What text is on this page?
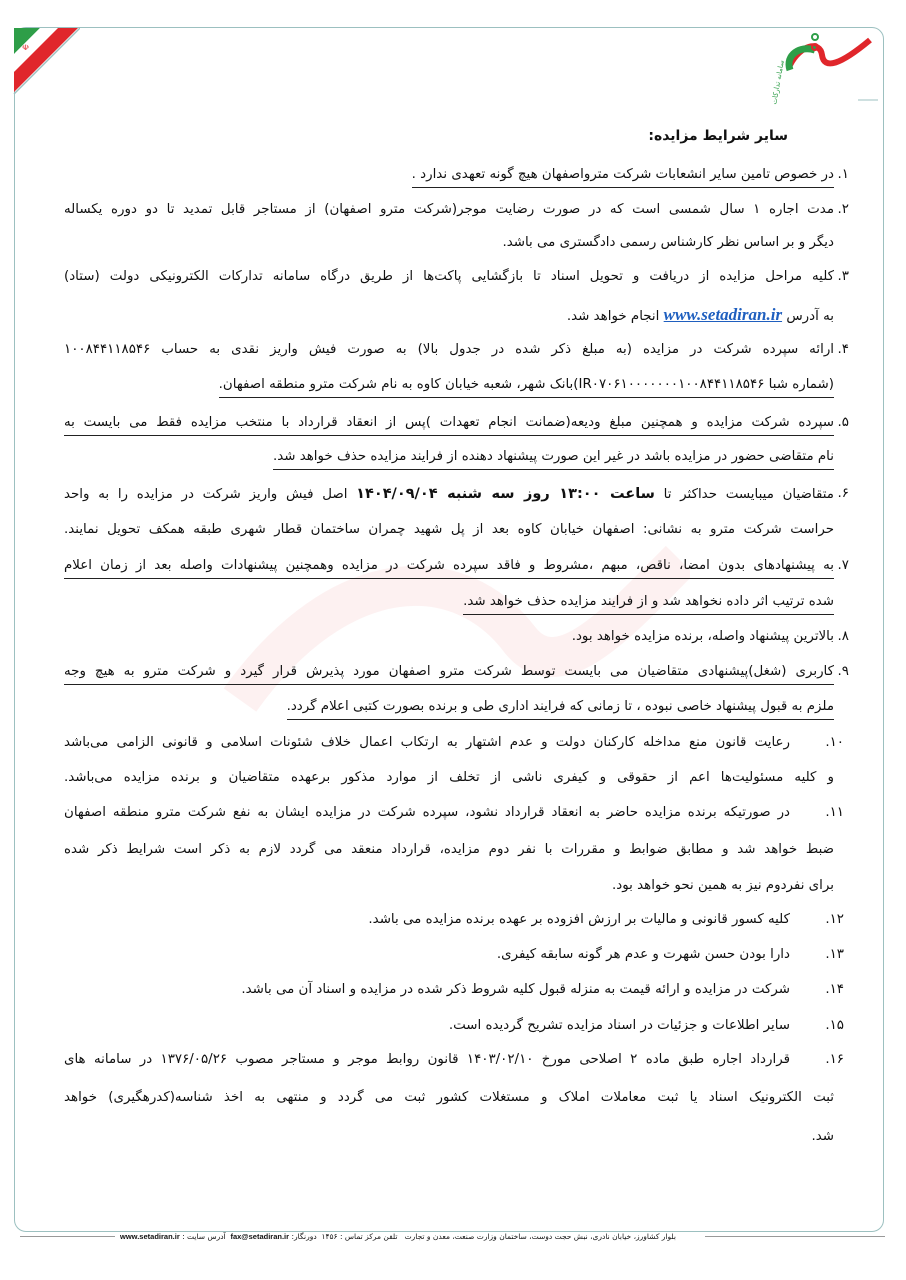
☫
سامانه تدارکات
سایر شرایط مزایده:
۱.
در خصوص تامین سایر انشعابات شرکت متروا‌صفهان هیچ گونه تعهدی ندارد .
۲.
مدت اجاره ۱ سال شمسی است که در صورت رضایت موجر(شرکت مترو اصفهان) از مستاجر قابل تمدید تا دو دوره یکساله
دیگر و بر اساس نظر کارشناس رسمی دادگستری می باشد.
۳.
کلیه مراحل مزایده از دریافت و تحویل اسناد تا بازگشایی پاکت‌ها از طریق درگاه سامانه تدارکات الکترونیکی دولت (ستاد)
به آدرس www.setadiran.ir انجام خواهد شد.
۴.
ارائه سپرده شرکت در مزایده (به مبلغ ذکر شده در جدول بالا) به صورت فیش واریز نقدی به حساب ۱۰۰۸۴۴۱۱۸۵۴۶
(شماره شبا IR۰۷۰۶۱۰۰۰۰۰۰۰۱۰۰۸۴۴۱۱۸۵۴۶)بانک شهر، شعبه خیابان کاوه به نام شرکت مترو منطقه اصفهان.
۵.
سپرده شرکت مزایده و همچنین مبلغ ودیعه(ضمانت انجام تعهدات )پس از انعقاد قرارداد با منتخب مزایده فقط می بایست به
نام متقاضی حضور در مزایده باشد در غیر این صورت پیشنهاد دهنده از فرایند مزایده حذف خواهد شد.
۶.
متقاضیان میبایست حداکثر تا ساعت ۱۳:۰۰ روز سه شنبه ۱۴۰۴/۰۹/۰۴ اصل فیش واریز شرکت در مزایده را به واحد
حراست شرکت مترو به نشانی: اصفهان خیابان کاوه بعد از پل شهید چمران ساختمان قطار شهری طبقه همکف تحویل نمایند.
۷.
به پیشنهادهای بدون امضا، ناقص، مبهم ،مشروط و فاقد سپرده شرکت در مزایده وهمچنین پیشنهادات واصله بعد از زمان اعلام
شده ترتیب اثر داده نخواهد شد و از فرایند مزایده حذف خواهد شد.
۸.
بالاترین پیشنهاد واصله، برنده مزایده خواهد بود.
۹.
کاربری (شغل)پیشنهادی متقاضیان می بایست توسط شرکت مترو اصفهان مورد پذیرش قرار گیرد و شرکت مترو به هیچ وجه
ملزم به قبول پیشنهاد خاصی نبوده ، تا زمانی که فرایند اداری طی و برنده بصورت کتبی اعلام گردد.
۱۰.
رعایت قانون منع مداخله کارکنان دولت و عدم اشتهار به ارتکاب اعمال خلاف شئونات اسلامی و قانونی الزامی می‌باشد
و کلیه مسئولیت‌ها اعم از حقوقی و کیفری ناشی از تخلف از موارد مذکور برعهده متقاضیان و برنده مزایده می‌باشد.
۱۱.
در صورتیکه برنده مزایده حاضر به انعقاد قرارداد نشود، سپرده شرکت در مزایده ایشان به نفع شرکت مترو منطقه اصفهان
ضبط خواهد شد و مطابق ضوابط و مقررات با نفر دوم مزایده، قرارداد منعقد می گردد لازم به ذکر است شرایط ذکر شده
برای نفردوم نیز به همین نحو خواهد بود.
۱۲.
کلیه کسور قانونی و مالیات بر ارزش افزوده بر عهده برنده مزایده می باشد.
۱۳.
دارا بودن حسن شهرت و عدم هر گونه سابقه کیفری.
۱۴.
شرکت در مزایده و ارائه قیمت به منزله قبول کلیه شروط ذکر شده در مزایده و اسناد آن می باشد.
۱۵.
سایر اطلاعات و جزئیات در اسناد مزایده تشریح گردیده است.
۱۶.
قرارداد اجاره طبق ماده ۲ اصلاحی مورخ ۱۴۰۳/۰۲/۱۰ قانون روابط موجر و مستاجر مصوب ۱۳۷۶/۰۵/۲۶ در سامانه های
ثبت الکترونیک اسناد یا ثبت معاملات املاک و مستغلات کشور ثبت می گردد و منتهی به اخذ شناسه(کدرهگیری) خواهد
شد.
بلوار کشاورز، خیابان نادری، نبش حجت دوست، ساختمان وزارت صنعت، معدن و تجارت   تلفن مرکز تماس : ۱۴۵۶  دورنگار: fax@setadiran.ir  آدرس سایت : www.setadiran.ir
